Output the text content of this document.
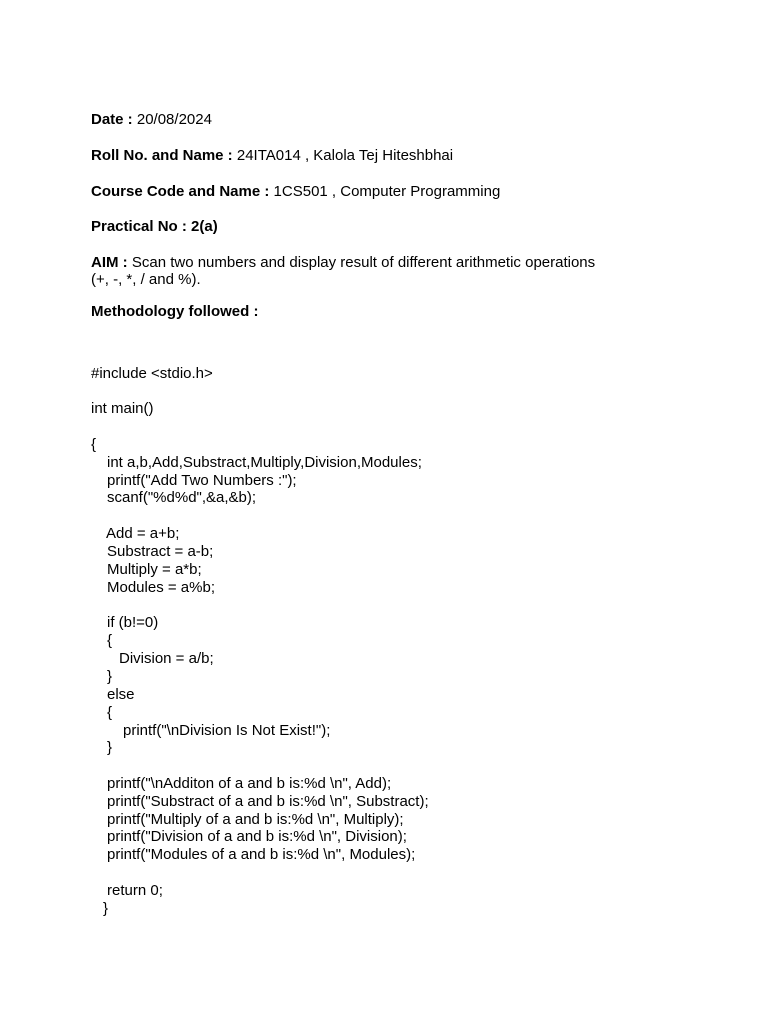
Date : 20/08/2024
Roll No. and Name : 24ITA014 , Kalola Tej Hiteshbhai
Course Code and Name : 1CS501 , Computer Programming
Practical No : 2(a)
AIM : Scan two numbers and display result of different arithmetic operations
(+, -, *, / and %).
Methodology followed :
#include <stdio.h>
int main()
{
int a,b,Add,Substract,Multiply,Division,Modules;
printf("Add Two Numbers :");
scanf("%d%d",&a,&b);
Add = a+b;
Substract = a-b;
Multiply = a*b;
Modules = a%b;
if (b!=0)
{
Division = a/b;
}
else
{
printf("\nDivision Is Not Exist!");
}
printf("\nAdditon of a and b is:%d \n", Add);
printf("Substract of a and b is:%d \n", Substract);
printf("Multiply of a and b is:%d \n", Multiply);
printf("Division of a and b is:%d \n", Division);
printf("Modules of a and b is:%d \n", Modules);
return 0;
}
